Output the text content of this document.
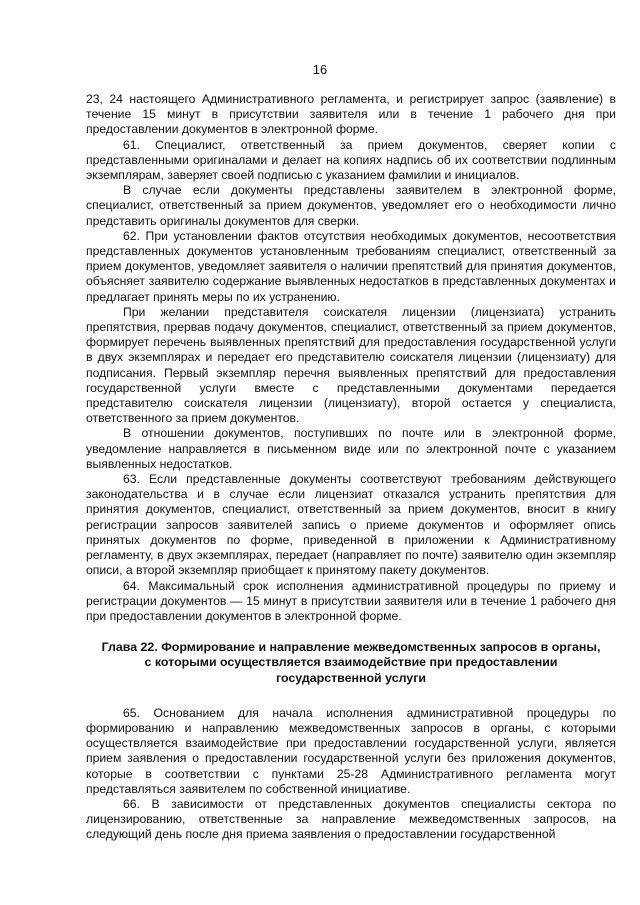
16

23, 24 настоящего Административного регламента, и регистрирует запрос (заявление) в течение 15 минут в присутствии заявителя или в течение 1 рабочего дня при предоставлении документов в электронной форме.

61. Специалист, ответственный за прием документов, сверяет копии с представленными оригиналами и делает на копиях надпись об их соответствии подлинным экземплярам, заверяет своей подписью с указанием фамилии и инициалов.

В случае если документы представлены заявителем в электронной форме, специалист, ответственный за прием документов, уведомляет его о необходимости лично представить оригиналы документов для сверки.

62. При установлении фактов отсутствия необходимых документов, несоответствия представленных документов установленным требованиям специалист, ответственный за прием документов, уведомляет заявителя о наличии препятствий для принятия документов, объясняет заявителю содержание выявленных недостатков в представленных документах и предлагает принять меры по их устранению.

При желании представителя соискателя лицензии (лицензиата) устранить препятствия, прервав подачу документов, специалист, ответственный за прием документов, формирует перечень выявленных препятствий для предоставления государственной услуги в двух экземплярах и передает его представителю соискателя лицензии (лицензиату) для подписания. Первый экземпляр перечня выявленных препятствий для предоставления государственной услуги вместе с представленными документами передается представителю соискателя лицензии (лицензиату), второй остается у специалиста, ответственного за прием документов.

В отношении документов, поступивших по почте или в электронной форме, уведомление направляется в письменном виде или по электронной почте с указанием выявленных недостатков.

63. Если представленные документы соответствуют требованиям действующего законодательства и в случае если лицензиат отказался устранить препятствия для принятия документов, специалист, ответственный за прием документов, вносит в книгу регистрации запросов заявителей запись о приеме документов и оформляет опись принятых документов по форме, приведенной в приложении к Административному регламенту, в двух экземплярах, передает (направляет по почте) заявителю один экземпляр описи, а второй экземпляр приобщает к принятому пакету документов.

64. Максимальный срок исполнения административной процедуры по приему и регистрации документов — 15 минут в присутствии заявителя или в течение 1 рабочего дня при предоставлении документов в электронной форме.

Глава 22. Формирование и направление межведомственных запросов в органы,
с которыми осуществляется взаимодействие при предоставлении
государственной услуги

65. Основанием для начала исполнения административной процедуры по формированию и направлению межведомственных запросов в органы, с которыми осуществляется взаимодействие при предоставлении государственной услуги, является прием заявления о предоставлении государственной услуги без приложения документов, которые в соответствии с пунктами 25-28 Административного регламента могут представляться заявителем по собственной инициативе.

66. В зависимости от представленных документов специалисты сектора по лицензированию, ответственные за направление межведомственных запросов, на следующий день после дня приема заявления о предоставлении государственной
